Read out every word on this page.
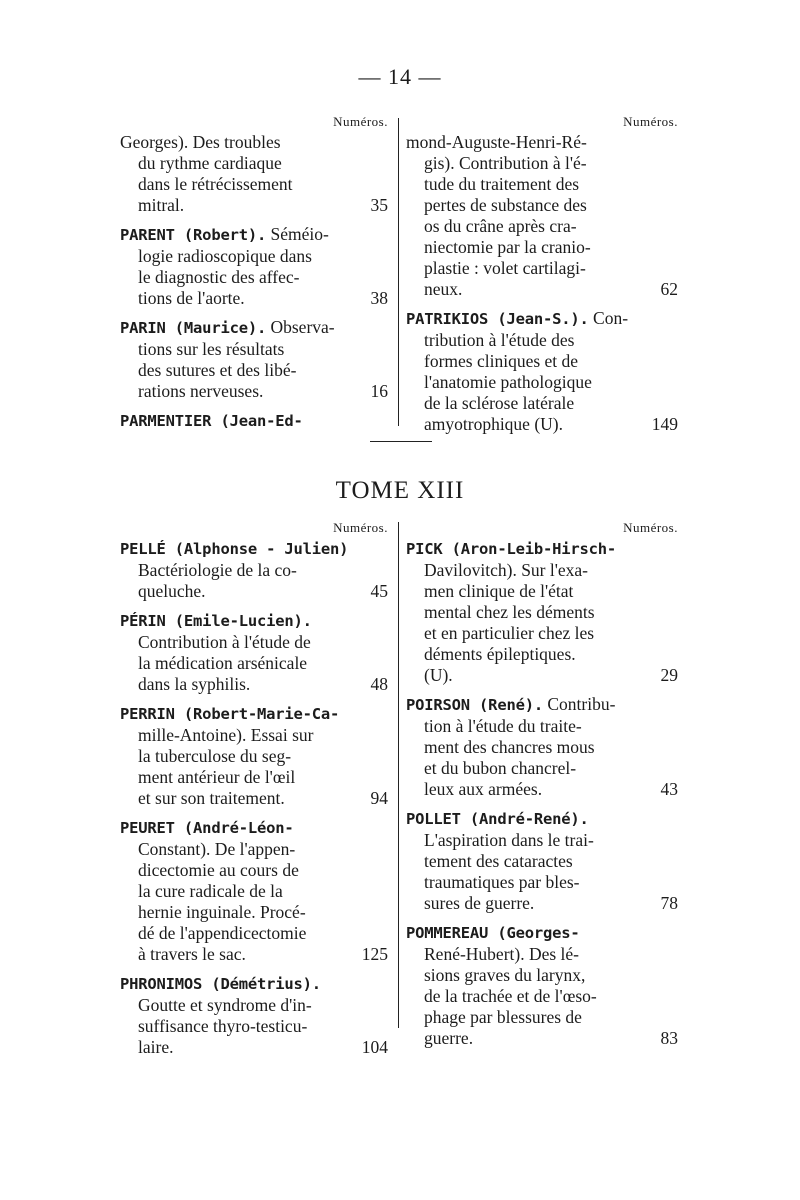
— 14 —
Numéros.
Georges). Des troubles
du rythme cardiaque
dans le rétrécissement
mitral.	35
PARENT (Robert). Séméio-
logie radioscopique dans
le diagnostic des affec-
tions de l'aorte.	38
PARIN (Maurice). Observa-
tions sur les résultats
des sutures et des libé-
rations nerveuses.	16
PARMENTIER (Jean-Ed-
Numéros.
mond-Auguste-Henri-Ré-
gis). Contribution à l'é-
tude du traitement des
pertes de substance des
os du crâne après cra-
niectomie par la cranio-
plastie : volet cartilagi-
neux.	62
PATRIKIOS (Jean-S.). Con-
tribution à l'étude des
formes cliniques et de
l'anatomie pathologique
de la sclérose latérale
amyotrophique (U).	149
TOME XIII
Numéros.
PELLÉ (Alphonse - Julien)
Bactériologie de la co-
queluche.	45
PÉRIN (Emile-Lucien).
Contribution à l'étude de
la médication arsénicale
dans la syphilis.	48
PERRIN (Robert-Marie-Ca-
mille-Antoine). Essai sur
la tuberculose du seg-
ment antérieur de l'œil
et sur son traitement.	94
PEURET (André-Léon-
Constant). De l'appen-
dicectomie au cours de
la cure radicale de la
hernie inguinale. Procé-
dé de l'appendicectomie
à travers le sac.	125
PHRONIMOS (Démétrius).
Goutte et syndrome d'in-
suffisance thyro-testicu-
laire.	104
Numéros.
PICK (Aron-Leib-Hirsch-
Davilovitch). Sur l'exa-
men clinique de l'état
mental chez les déments
et en particulier chez les
déments épileptiques.
(U).	29
POIRSON (René). Contribu-
tion à l'étude du traite-
ment des chancres mous
et du bubon chancrel-
leux aux armées.	43
POLLET (André-René).
L'aspiration dans le trai-
tement des cataractes
traumatiques par bles-
sures de guerre.	78
POMMEREAU (Georges-
René-Hubert). Des lé-
sions graves du larynx,
de la trachée et de l'œso-
phage par blessures de
guerre.	83
